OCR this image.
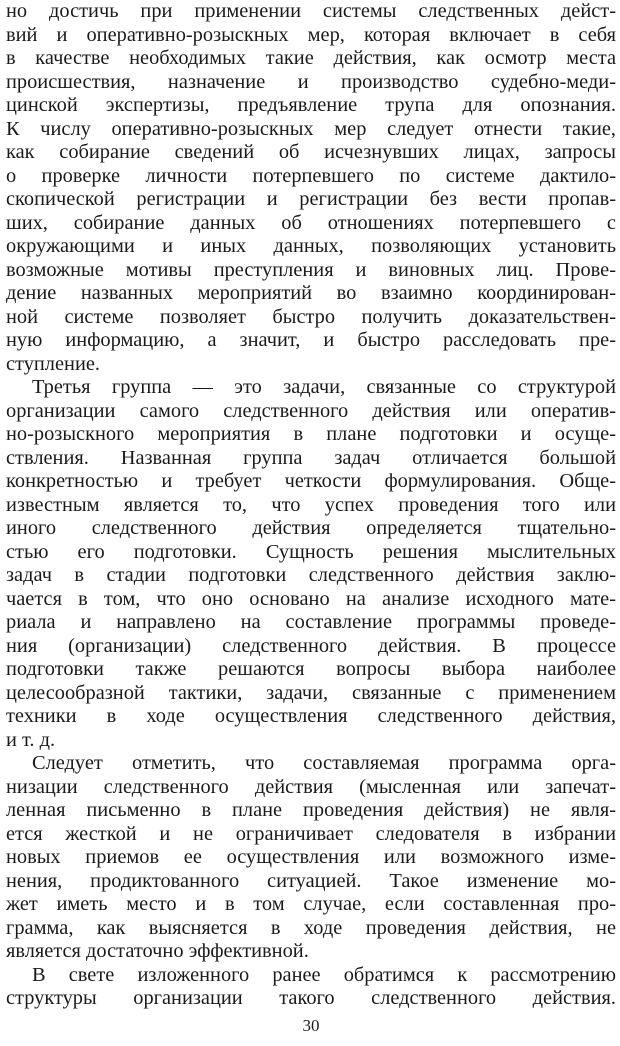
но достичь при применении системы следственных дейст-
вий и оперативно-розыскных мер, которая включает в себя
в качестве необходимых такие действия, как осмотр места
происшествия, назначение и производство судебно-меди-
цинской экспертизы, предъявление трупа для опознания.
К числу оперативно-розыскных мер следует отнести такие,
как собирание сведений об исчезнувших лицах, запросы
о проверке личности потерпевшего по системе дактило-
скопической регистрации и регистрации без вести пропав-
ших, собирание данных об отношениях потерпевшего с
окружающими и иных данных, позволяющих установить
возможные мотивы преступления и виновных лиц. Прове-
дение названных мероприятий во взаимно координирован-
ной системе позволяет быстро получить доказательствен-
ную информацию, а значит, и быстро расследовать пре-
ступление.
Третья группа — это задачи, связанные со структурой
организации самого следственного действия или оператив-
но-розыскного мероприятия в плане подготовки и осуще-
ствления. Названная группа задач отличается большой
конкретностью и требует четкости формулирования. Обще-
известным является то, что успех проведения того или
иного следственного действия определяется тщательно-
стью его подготовки. Сущность решения мыслительных
задач в стадии подготовки следственного действия заклю-
чается в том, что оно основано на анализе исходного мате-
риала и направлено на составление программы проведе-
ния (организации) следственного действия. В процессе
подготовки также решаются вопросы выбора наиболее
целесообразной тактики, задачи, связанные с применением
техники в ходе осуществления следственного действия,
и т. д.
Следует отметить, что составляемая программа орга-
низации следственного действия (мысленная или запечат-
ленная письменно в плане проведения действия) не явля-
ется жесткой и не ограничивает следователя в избрании
новых приемов ее осуществления или возможного изме-
нения, продиктованного ситуацией. Такое изменение мо-
жет иметь место и в том случае, если составленная про-
грамма, как выясняется в ходе проведения действия, не
является достаточно эффективной.
В свете изложенного ранее обратимся к рассмотрению
структуры организации такого следственного действия.
30
